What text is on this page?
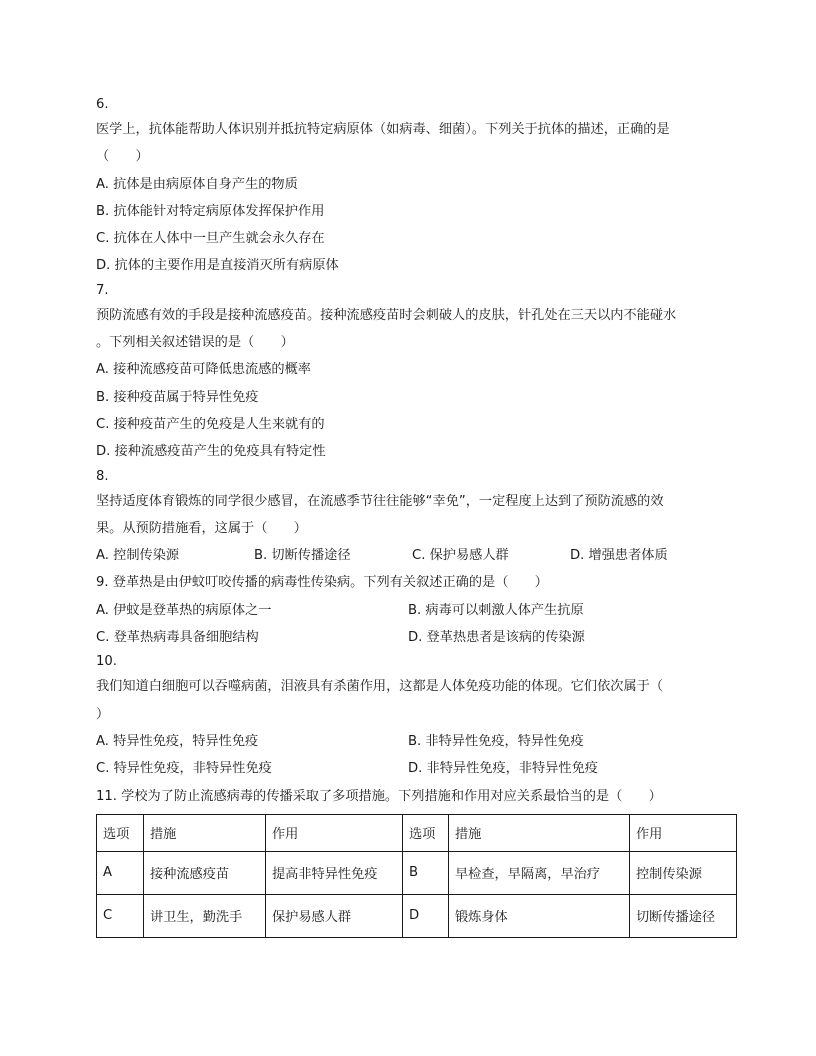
6.
医学上，抗体能帮助人体识别并抵抗特定病原体（如病毒、细菌）。下列关于抗体的描述，正确的是
（　　）
A. 抗体是由病原体自身产生的物质
B. 抗体能针对特定病原体发挥保护作用
C. 抗体在人体中一旦产生就会永久存在
D. 抗体的主要作用是直接消灭所有病原体
7.
预防流感有效的手段是接种流感疫苗。接种流感疫苗时会刺破人的皮肤，针孔处在三天以内不能碰水
。下列相关叙述错误的是（　　）
A. 接种流感疫苗可降低患流感的概率
B. 接种疫苗属于特异性免疫
C. 接种疫苗产生的免疫是人生来就有的
D. 接种流感疫苗产生的免疫具有特定性
8.
坚持适度体育锻炼的同学很少感冒，在流感季节往往能够“幸免”，一定程度上达到了预防流感的效
果。从预防措施看，这属于（　　）
A. 控制传染源	B. 切断传播途径	C. 保护易感人群	D. 增强患者体质
9. 登革热是由伊蚊叮咬传播的病毒性传染病。下列有关叙述正确的是（　　）
A. 伊蚊是登革热的病原体之一	B. 病毒可以刺激人体产生抗原
C. 登革热病毒具备细胞结构	D. 登革热患者是该病的传染源
10.
我们知道白细胞可以吞噬病菌，泪液具有杀菌作用，这都是人体免疫功能的体现。它们依次属于（
）
A. 特异性免疫，特异性免疫	B. 非特异性免疫，特异性免疫
C. 特异性免疫，非特异性免疫	D. 非特异性免疫，非特异性免疫
11. 学校为了防止流感病毒的传播采取了多项措施。下列措施和作用对应关系最恰当的是（　　）
选项	措施	作用	选项	措施	作用
A	接种流感疫苗	提高非特异性免疫	B	早检查，早隔离，早治疗	控制传染源
C	讲卫生，勤洗手	保护易感人群	D	锻炼身体	切断传播途径
